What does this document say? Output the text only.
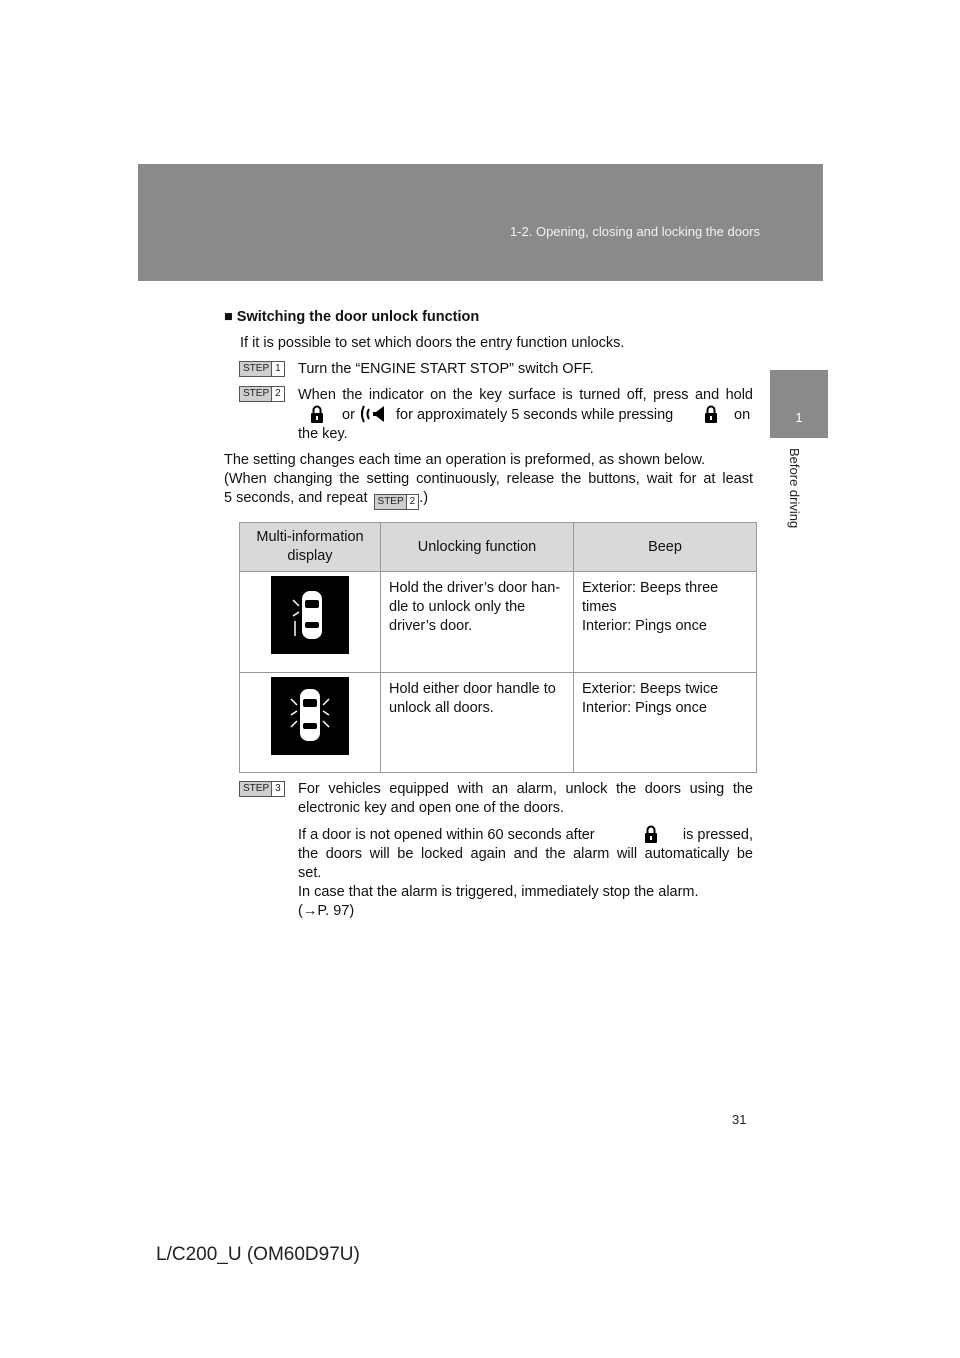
1-2. Opening, closing and locking the doors
1
Before driving
■ Switching the door unlock function
If it is possible to set which doors the entry function unlocks.
STEP 1 Turn the “ENGINE START STOP” switch OFF.
STEP 2 When the indicator on the key surface is turned off, press and hold
or	for approximately 5 seconds while pressing	on
the key.
The setting changes each time an operation is preformed, as shown below.
(When changing the setting continuously, release the buttons, wait for at least
5 seconds, and repeat STEP 2 .)
Multi-information display	Unlocking function	Beep

	Hold the driver’s door han-dle to unlock only the driver’s door.	Exterior: Beeps three times
Interior: Pings once

	Hold either door handle to unlock all doors.	Exterior: Beeps twice
Interior: Pings once
STEP 3 For vehicles equipped with an alarm, unlock the doors using the
electronic key and open one of the doors.
If a door is not opened within 60 seconds after	is pressed,
the doors will be locked again and the alarm will automatically be
set.
In case that the alarm is triggered, immediately stop the alarm.
(→P. 97)
31
L/C200_U (OM60D97U)
